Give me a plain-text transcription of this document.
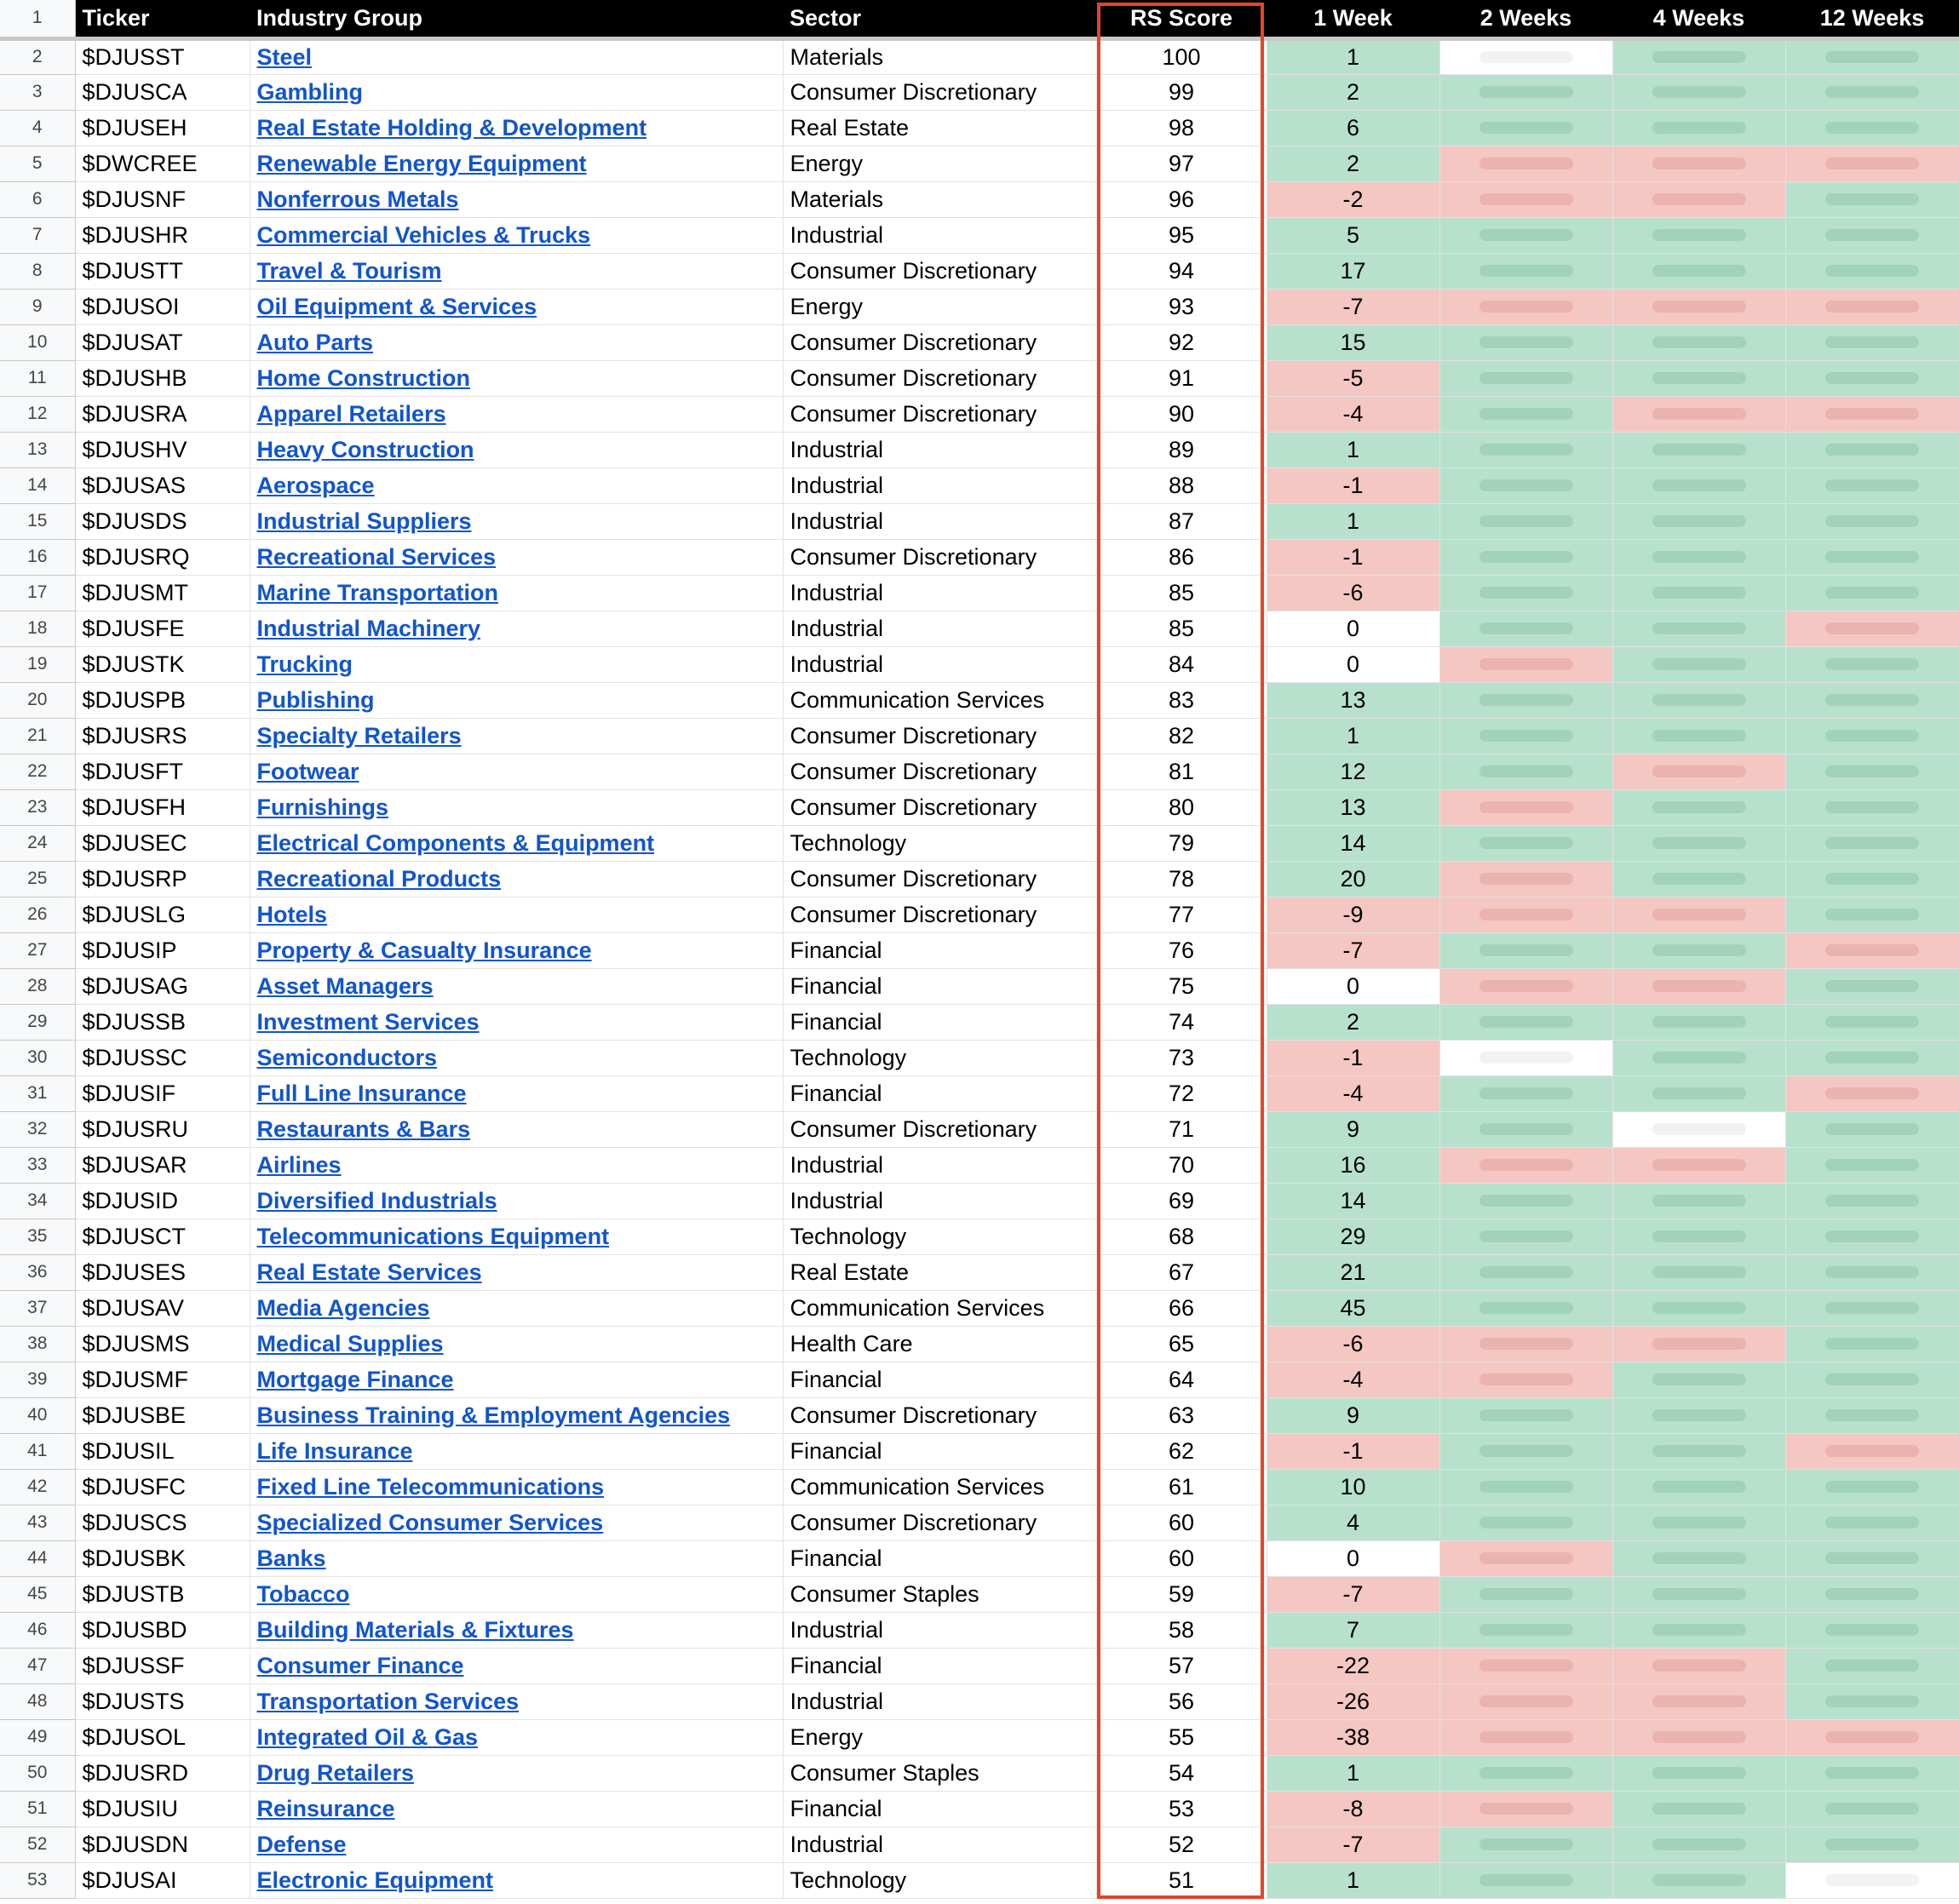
1	Ticker	Industry Group	Sector	RS Score	1 Week	2 Weeks	4 Weeks	12 Weeks
2	$DJUSST	Steel	Materials	100	1	

3	$DJUSCA	Gambling	Consumer Discretionary	99	2	

4	$DJUSEH	Real Estate Holding & Development	Real Estate	98	6	

5	$DWCREE	Renewable Energy Equipment	Energy	97	2	

6	$DJUSNF	Nonferrous Metals	Materials	96	-2	

7	$DJUSHR	Commercial Vehicles & Trucks	Industrial	95	5	

8	$DJUSTT	Travel & Tourism	Consumer Discretionary	94	17	

9	$DJUSOI	Oil Equipment & Services	Energy	93	-7	

10	$DJUSAT	Auto Parts	Consumer Discretionary	92	15	

11	$DJUSHB	Home Construction	Consumer Discretionary	91	-5	

12	$DJUSRA	Apparel Retailers	Consumer Discretionary	90	-4	

13	$DJUSHV	Heavy Construction	Industrial	89	1	

14	$DJUSAS	Aerospace	Industrial	88	-1	

15	$DJUSDS	Industrial Suppliers	Industrial	87	1	

16	$DJUSRQ	Recreational Services	Consumer Discretionary	86	-1	

17	$DJUSMT	Marine Transportation	Industrial	85	-6	

18	$DJUSFE	Industrial Machinery	Industrial	85	0	

19	$DJUSTK	Trucking	Industrial	84	0	

20	$DJUSPB	Publishing	Communication Services	83	13	

21	$DJUSRS	Specialty Retailers	Consumer Discretionary	82	1	

22	$DJUSFT	Footwear	Consumer Discretionary	81	12	

23	$DJUSFH	Furnishings	Consumer Discretionary	80	13	

24	$DJUSEC	Electrical Components & Equipment	Technology	79	14	

25	$DJUSRP	Recreational Products	Consumer Discretionary	78	20	

26	$DJUSLG	Hotels	Consumer Discretionary	77	-9	

27	$DJUSIP	Property & Casualty Insurance	Financial	76	-7	

28	$DJUSAG	Asset Managers	Financial	75	0	

29	$DJUSSB	Investment Services	Financial	74	2	

30	$DJUSSC	Semiconductors	Technology	73	-1	

31	$DJUSIF	Full Line Insurance	Financial	72	-4	

32	$DJUSRU	Restaurants & Bars	Consumer Discretionary	71	9	

33	$DJUSAR	Airlines	Industrial	70	16	

34	$DJUSID	Diversified Industrials	Industrial	69	14	

35	$DJUSCT	Telecommunications Equipment	Technology	68	29	

36	$DJUSES	Real Estate Services	Real Estate	67	21	

37	$DJUSAV	Media Agencies	Communication Services	66	45	

38	$DJUSMS	Medical Supplies	Health Care	65	-6	

39	$DJUSMF	Mortgage Finance	Financial	64	-4	

40	$DJUSBE	Business Training & Employment Agencies	Consumer Discretionary	63	9	

41	$DJUSIL	Life Insurance	Financial	62	-1	

42	$DJUSFC	Fixed Line Telecommunications	Communication Services	61	10	

43	$DJUSCS	Specialized Consumer Services	Consumer Discretionary	60	4	

44	$DJUSBK	Banks	Financial	60	0	

45	$DJUSTB	Tobacco	Consumer Staples	59	-7	

46	$DJUSBD	Building Materials & Fixtures	Industrial	58	7	

47	$DJUSSF	Consumer Finance	Financial	57	-22	

48	$DJUSTS	Transportation Services	Industrial	56	-26	

49	$DJUSOL	Integrated Oil & Gas	Energy	55	-38	

50	$DJUSRD	Drug Retailers	Consumer Staples	54	1	

51	$DJUSIU	Reinsurance	Financial	53	-8	

52	$DJUSDN	Defense	Industrial	52	-7	

53	$DJUSAI	Electronic Equipment	Technology	51	1	
